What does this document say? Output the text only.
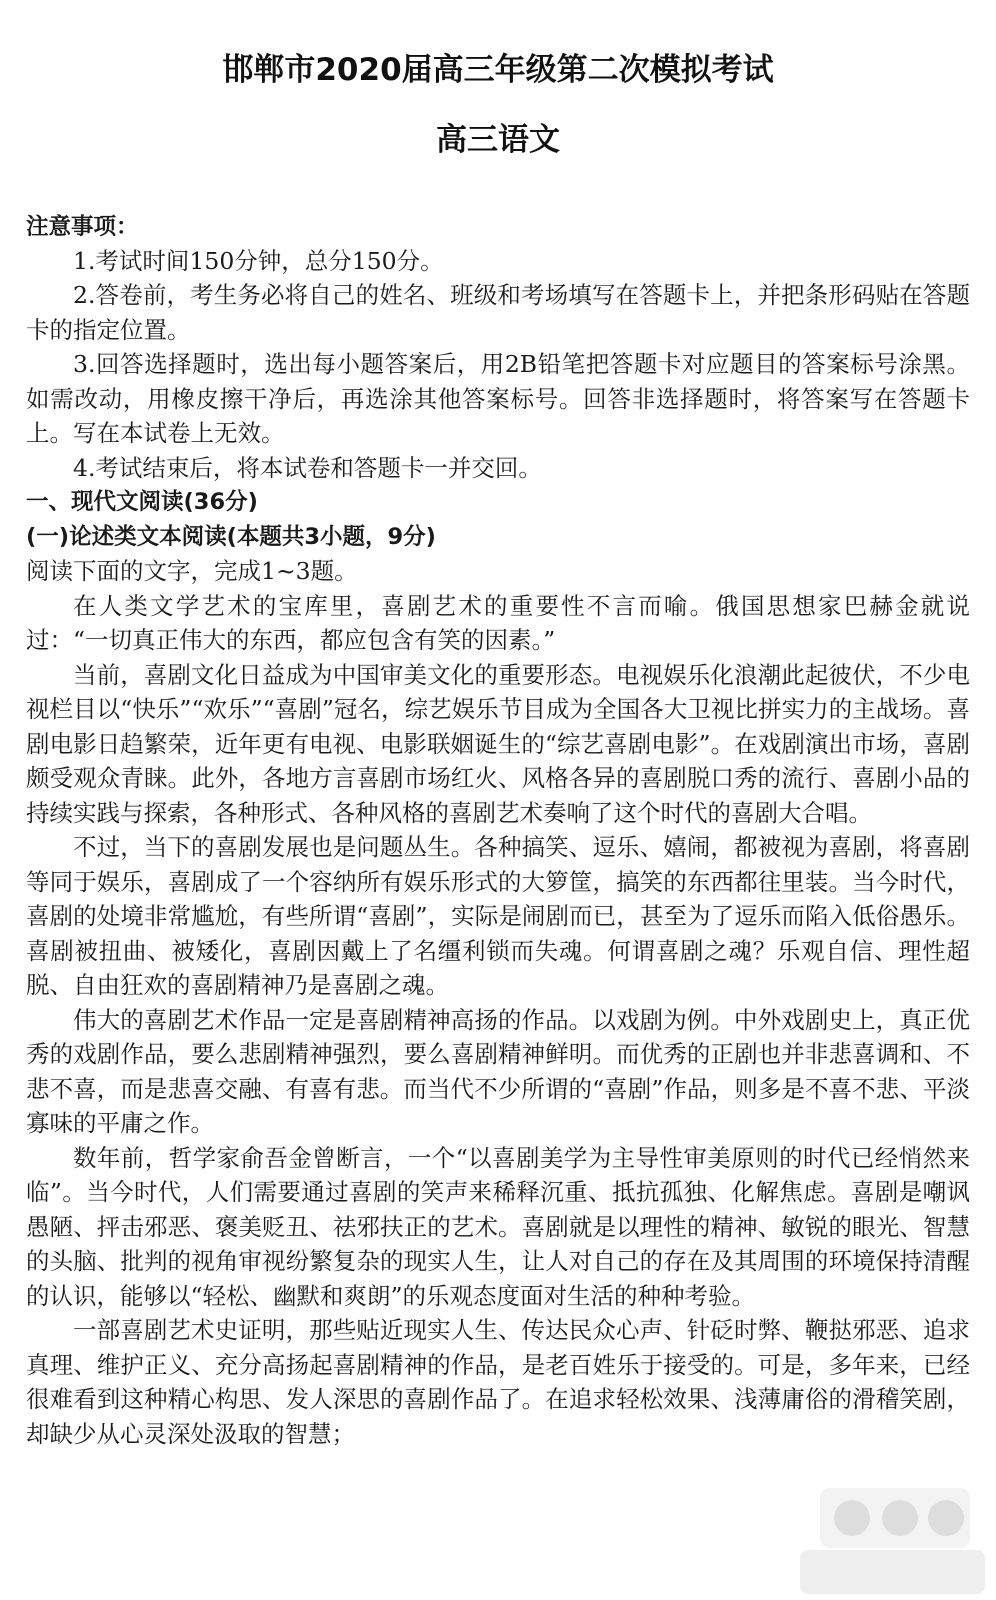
邯郸市2020届高三年级第二次模拟考试
高三语文
注意事项：

1.考试时间150分钟，总分150分。

2.答卷前，考生务必将自己的姓名、班级和考场填写在答题卡上，并把条形码贴在答题卡的指定位置。

3.回答选择题时，选出每小题答案后，用2B铅笔把答题卡对应题目的答案标号涂黑。如需改动，用橡皮擦干净后，再选涂其他答案标号。回答非选择题时，将答案写在答题卡上。写在本试卷上无效。

4.考试结束后，将本试卷和答题卡一并交回。

一、现代文阅读(36分)

(一)论述类文本阅读(本题共3小题，9分)

阅读下面的文字，完成1~3题。

在人类文学艺术的宝库里，喜剧艺术的重要性不言而喻。俄国思想家巴赫金就说过：“一切真正伟大的东西，都应包含有笑的因素。”

当前，喜剧文化日益成为中国审美文化的重要形态。电视娱乐化浪潮此起彼伏，不少电视栏目以“快乐”“欢乐”“喜剧”冠名，综艺娱乐节目成为全国各大卫视比拼实力的主战场。喜剧电影日趋繁荣，近年更有电视、电影联姻诞生的“综艺喜剧电影”。在戏剧演出市场，喜剧颇受观众青睐。此外，各地方言喜剧市场红火、风格各异的喜剧脱口秀的流行、喜剧小品的持续实践与探索，各种形式、各种风格的喜剧艺术奏响了这个时代的喜剧大合唱。

不过，当下的喜剧发展也是问题丛生。各种搞笑、逗乐、嬉闹，都被视为喜剧，将喜剧等同于娱乐，喜剧成了一个容纳所有娱乐形式的大箩筐，搞笑的东西都往里装。当今时代，喜剧的处境非常尴尬，有些所谓“喜剧”，实际是闹剧而已，甚至为了逗乐而陷入低俗愚乐。喜剧被扭曲、被矮化，喜剧因戴上了名缰利锁而失魂。何谓喜剧之魂？乐观自信、理性超脱、自由狂欢的喜剧精神乃是喜剧之魂。

伟大的喜剧艺术作品一定是喜剧精神高扬的作品。以戏剧为例。中外戏剧史上，真正优秀的戏剧作品，要么悲剧精神强烈，要么喜剧精神鲜明。而优秀的正剧也并非悲喜调和、不悲不喜，而是悲喜交融、有喜有悲。而当代不少所谓的“喜剧”作品，则多是不喜不悲、平淡寡味的平庸之作。

数年前，哲学家俞吾金曾断言，一个“以喜剧美学为主导性审美原则的时代已经悄然来临”。当今时代，人们需要通过喜剧的笑声来稀释沉重、抵抗孤独、化解焦虑。喜剧是嘲讽愚陋、抨击邪恶、褒美贬丑、祛邪扶正的艺术。喜剧就是以理性的精神、敏锐的眼光、智慧的头脑、批判的视角审视纷繁复杂的现实人生，让人对自己的存在及其周围的环境保持清醒的认识，能够以“轻松、幽默和爽朗”的乐观态度面对生活的种种考验。

一部喜剧艺术史证明，那些贴近现实人生、传达民众心声、针砭时弊、鞭挞邪恶、追求真理、维护正义、充分高扬起喜剧精神的作品，是老百姓乐于接受的。可是，多年来，已经很难看到这种精心构思、发人深思的喜剧作品了。在追求轻松效果、浅薄庸俗的滑稽笑剧，却缺少从心灵深处汲取的智慧；
